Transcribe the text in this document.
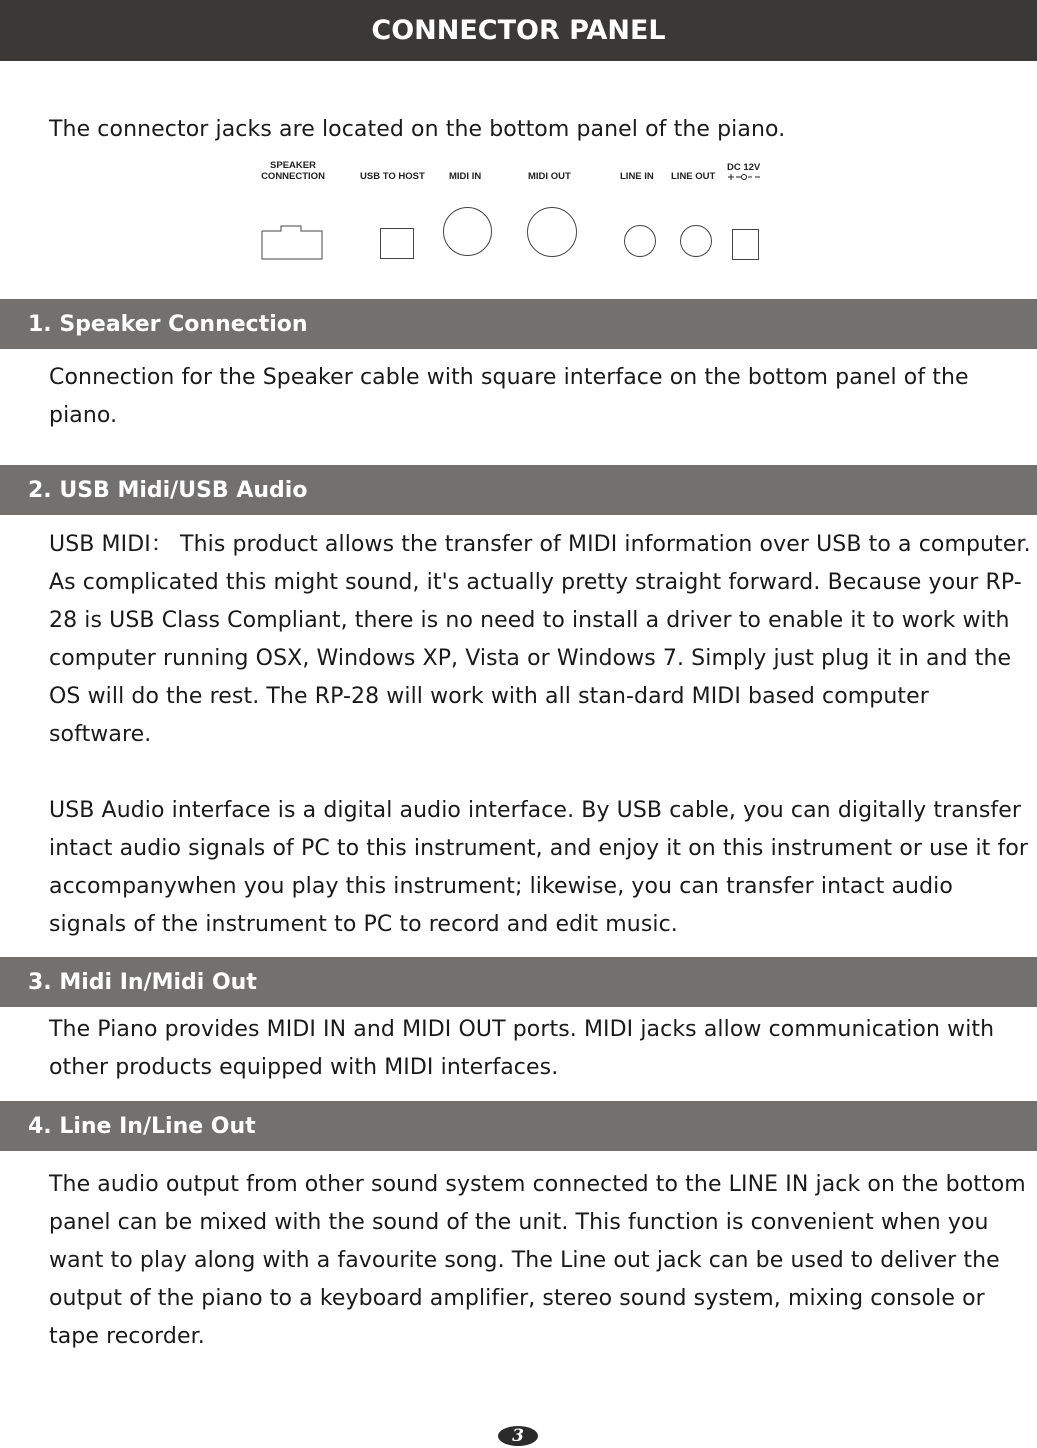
CONNECTOR PANEL
The connector jacks are located on the bottom panel of the piano.
SPEAKER
CONNECTION	USB TO HOST	MIDI IN	MIDI OUT	LINE IN LINE OUT
DC 12V
1. Speaker Connection
Connection for the Speaker cable with square interface on the bottom panel of the piano.
2. USB Midi/USB Audio
USB MIDI： This product allows the transfer of MIDI information over USB to a computer. As complicated this might sound, it's actually pretty straight forward. Because your RP-28 is USB Class Compliant, there is no need to install a driver to enable it to work with computer running OSX, Windows XP, Vista or Windows 7. Simply just plug it in and the OS will do the rest. The RP-28 will work with all stan-dard MIDI based computer software.
USB Audio interface is a digital audio interface. By USB cable, you can digitally transfer intact audio signals of PC to this instrument, and enjoy it on this instrument or use it for accompanywhen you play this instrument; likewise, you can transfer intact audio signals of the instrument to PC to record and edit music.
3. Midi In/Midi Out
The Piano provides MIDI IN and MIDI OUT ports. MIDI jacks allow communication with other products equipped with MIDI interfaces.
4. Line In/Line Out
The audio output from other sound system connected to the LINE IN jack on the bottom panel can be mixed with the sound of the unit. This function is convenient when you want to play along with a favourite song. The Line out jack can be used to deliver the output of the piano to a keyboard amplifier, stereo sound system, mixing console or tape recorder.
3
